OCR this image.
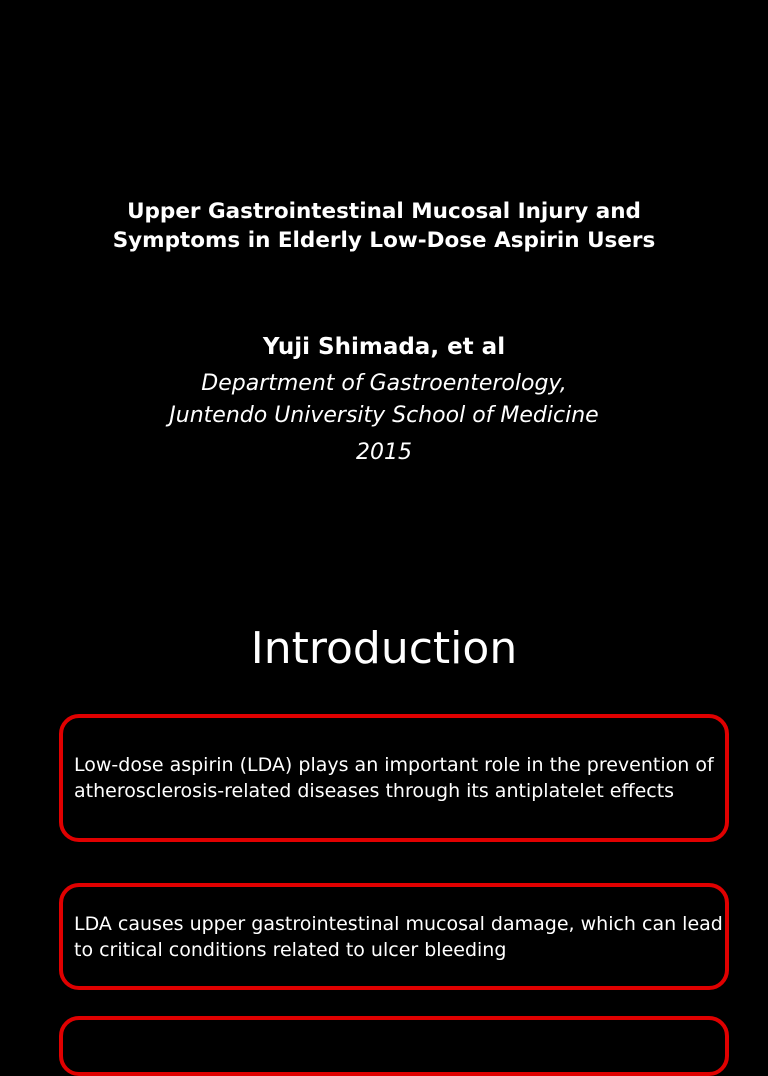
Upper Gastrointestinal Mucosal Injury and
Symptoms in Elderly Low-Dose Aspirin Users
Yuji Shimada, et al
Department of Gastroenterology,
Juntendo University School of Medicine
2015
Introduction

Low-dose aspirin (LDA) plays an important role in the prevention of atherosclerosis-related diseases through its antiplatelet effects

LDA causes upper gastrointestinal mucosal damage, which can lead to critical conditions related to ulcer bleeding
